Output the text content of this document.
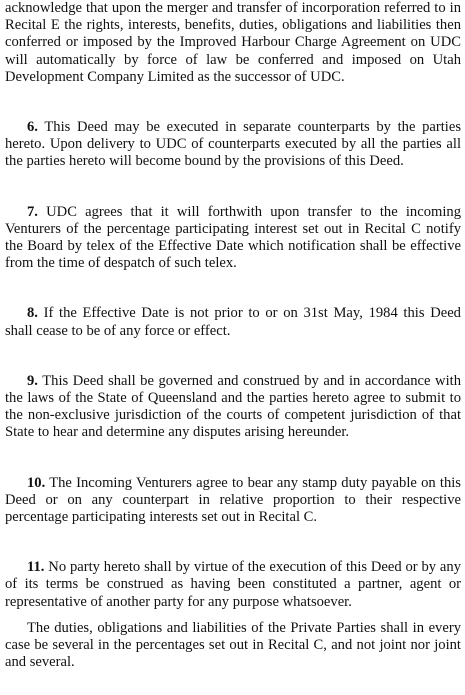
acknowledge that upon the merger and transfer of incorporation referred to in Recital E the rights, interests, benefits, duties, obligations and liabilities then conferred or imposed by the Improved Harbour Charge Agreement on UDC will automatically by force of law be conferred and imposed on Utah Development Company Limited as the successor of UDC.

6. This Deed may be executed in separate counterparts by the parties hereto. Upon delivery to UDC of counterparts executed by all the parties all the parties hereto will become bound by the provisions of this Deed.

7. UDC agrees that it will forthwith upon transfer to the incoming Venturers of the percentage participating interest set out in Recital C notify the Board by telex of the Effective Date which notification shall be effective from the time of despatch of such telex.

8. If the Effective Date is not prior to or on 31st May, 1984 this Deed shall cease to be of any force or effect.

9. This Deed shall be governed and construed by and in accordance with the laws of the State of Queensland and the parties hereto agree to submit to the non-exclusive jurisdiction of the courts of competent jurisdiction of that State to hear and determine any disputes arising hereunder.

10. The Incoming Venturers agree to bear any stamp duty payable on this Deed or on any counterpart in relative proportion to their respective percentage participating interests set out in Recital C.

11. No party hereto shall by virtue of the execution of this Deed or by any of its terms be construed as having been constituted a partner, agent or representative of another party for any purpose whatsoever.

The duties, obligations and liabilities of the Private Parties shall in every case be several in the percentages set out in Recital C, and not joint nor joint and several.
